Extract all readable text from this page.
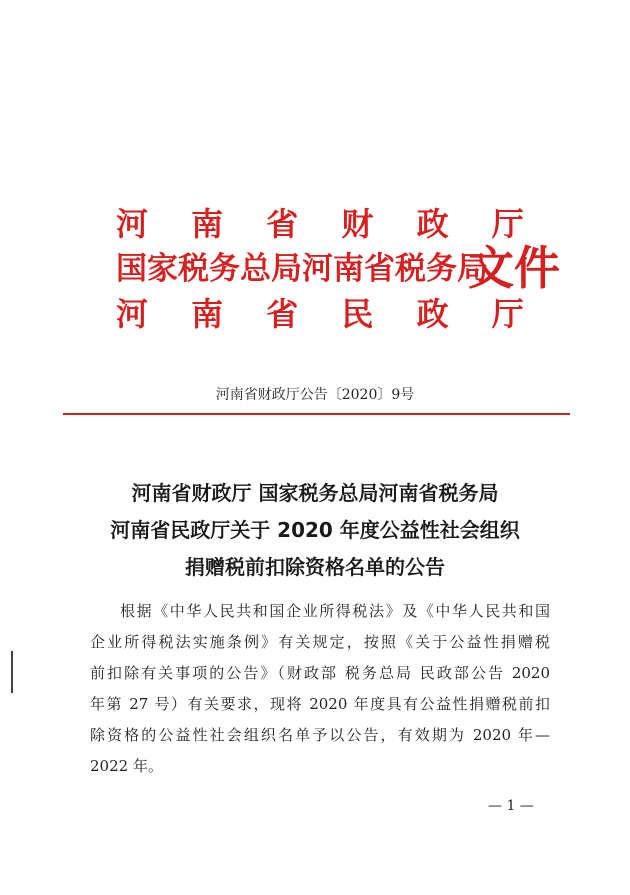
河 南 省 财 政 厅
国家税务总局河南省税务局
河 南 省 民 政 厅
文件
河南省财政厅公告〔2020〕9号
河南省财政厅 国家税务总局河南省税务局
河南省民政厅关于 2020 年度公益性社会组织
捐赠税前扣除资格名单的公告
根据《中华人民共和国企业所得税法》及《中华人民共和国
企业所得税法实施条例》有关规定，按照《关于公益性捐赠税
前扣除有关事项的公告》（财政部 税务总局 民政部公告 2020
年第 27 号）有关要求，现将 2020 年度具有公益性捐赠税前扣
除资格的公益性社会组织名单予以公告，有效期为 2020 年—
2022 年。
— 1 —
